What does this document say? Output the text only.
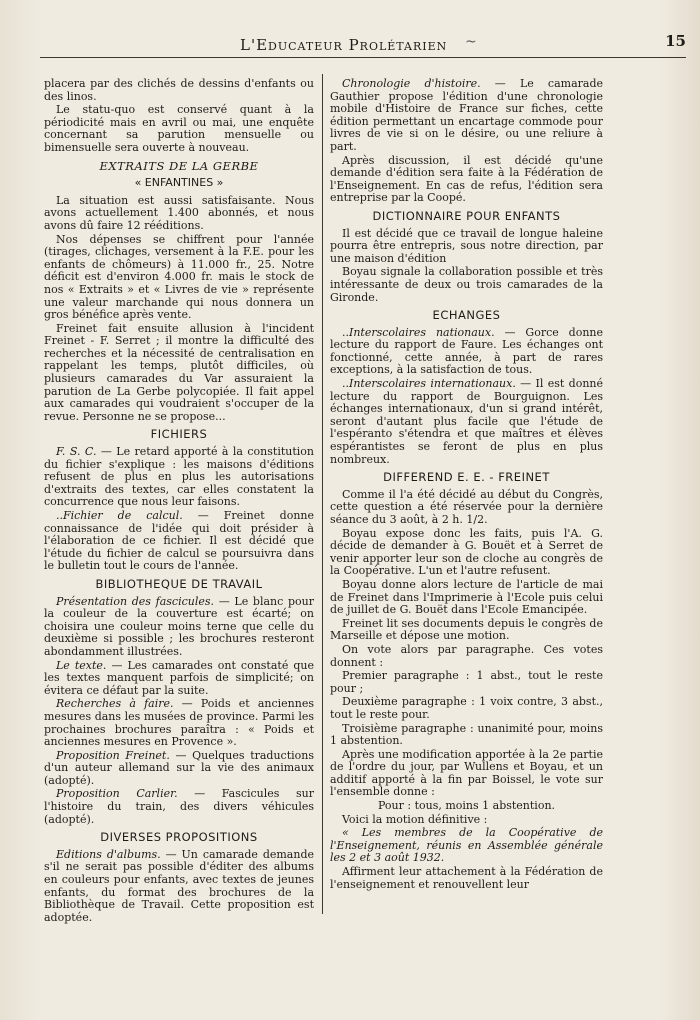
L'Educateur Prolétarien ~	15

placera par des clichés de dessins d'enfants ou des linos.

Le statu-quo est conservé quant à la périodicité mais en avril ou mai, une enquête concernant sa parution mensuelle ou bimensuelle sera ouverte à nouveau.

EXTRAITS DE LA GERBE
« ENFANTINES »

La situation est aussi satisfaisante. Nous avons actuellement 1.400 abonnés, et nous avons dû faire 12 rééditions.

Nos dépenses se chiffrent pour l'année (tirages, clichages, versement à la F.E. pour les enfants de chômeurs) à 11.000 fr., 25. Notre déficit est d'environ 4.000 fr. mais le stock de nos « Extraits » et « Livres de vie » représente une valeur marchande qui nous donnera un gros bénéfice après vente.

Freinet fait ensuite allusion à l'incident Freinet - F. Serret ; il montre la difficulté des recherches et la nécessité de centralisation en rappelant les temps, plutôt difficiles, où plusieurs camarades du Var assuraient la parution de La Gerbe polycopiée. Il fait appel aux camarades qui voudraient s'occuper de la revue. Personne ne se propose...

FICHIERS

F. S. C. — Le retard apporté à la constitution du fichier s'explique : les maisons d'éditions refusent de plus en plus les autorisations d'extraits des textes, car elles constatent la concurrence que nous leur faisons.

..Fichier de calcul. — Freinet donne connaissance de l'idée qui doit présider à l'élaboration de ce fichier. Il est décidé que l'étude du fichier de calcul se poursuivra dans le bulletin tout le cours de l'année.

BIBLIOTHEQUE DE TRAVAIL

Présentation des fascicules. — Le blanc pour la couleur de la couverture est écarté; on choisira une couleur moins terne que celle du deuxième si possible ; les brochures resteront abondamment illustrées.

Le texte. — Les camarades ont constaté que les textes manquent parfois de simplicité; on évitera ce défaut par la suite.

Recherches à faire. — Poids et anciennes mesures dans les musées de province. Parmi les prochaines brochures paraîtra : « Poids et anciennes mesures en Provence ».

Proposition Freinet. — Quelques traductions d'un auteur allemand sur la vie des animaux (adopté).

Proposition Carlier. — Fascicules sur l'histoire du train, des divers véhicules (adopté).

DIVERSES PROPOSITIONS

Editions d'albums. — Un camarade demande s'il ne serait pas possible d'éditer des albums en couleurs pour enfants, avec textes de jeunes enfants, du format des brochures de la Bibliothèque de Travail. Cette proposition est adoptée.

Chronologie d'histoire. — Le camarade Gauthier propose l'édition d'une chronologie mobile d'Histoire de France sur fiches, cette édition permettant un encartage commode pour livres de vie si on le désire, ou une reliure à part.

Après discussion, il est décidé qu'une demande d'édition sera faite à la Fédération de l'Enseignement. En cas de refus, l'édition sera entreprise par la Coopé.

DICTIONNAIRE POUR ENFANTS

Il est décidé que ce travail de longue haleine pourra être entrepris, sous notre direction, par une maison d'édition

Boyau signale la collaboration possible et très intéressante de deux ou trois camarades de la Gironde.

ECHANGES

..Interscolaires nationaux. — Gorce donne lecture du rapport de Faure. Les échanges ont fonctionné, cette année, à part de rares exceptions, à la satisfaction de tous.

..Interscolaires internationaux. — Il est donné lecture du rapport de Bourguignon. Les échanges internationaux, d'un si grand intérêt, seront d'autant plus facile que l'étude de l'espéranto s'étendra et que maîtres et élèves espérantistes se feront de plus en plus nombreux.

DIFFEREND E. E. - FREINET

Comme il l'a été décidé au début du Congrès, cette question a été réservée pour la dernière séance du 3 août, à 2 h. 1/2.

Boyau expose donc les faits, puis l'A. G. décide de demander à G. Bouët et à Serret de venir apporter leur son de cloche au congrès de la Coopérative. L'un et l'autre refusent.

Boyau donne alors lecture de l'article de mai de Freinet dans l'Imprimerie à l'Ecole puis celui de juillet de G. Bouët dans l'Ecole Emancipée.

Freinet lit ses documents depuis le congrès de Marseille et dépose une motion.

On vote alors par paragraphe. Ces votes donnent :

Premier paragraphe : 1 abst., tout le reste pour ;

Deuxième paragraphe : 1 voix contre, 3 abst., tout le reste pour.

Troisième paragraphe : unanimité pour, moins 1 abstention.

Après une modification apportée à la 2e partie de l'ordre du jour, par Wullens et Boyau, et un additif apporté à la fin par Boissel, le vote sur l'ensemble donne :

Pour : tous, moins 1 abstention.

Voici la motion définitive :

« Les membres de la Coopérative de l'Enseignement, réunis en Assemblée générale les 2 et 3 août 1932.

Affirment leur attachement à la Fédération de l'enseignement et renouvellent leur
